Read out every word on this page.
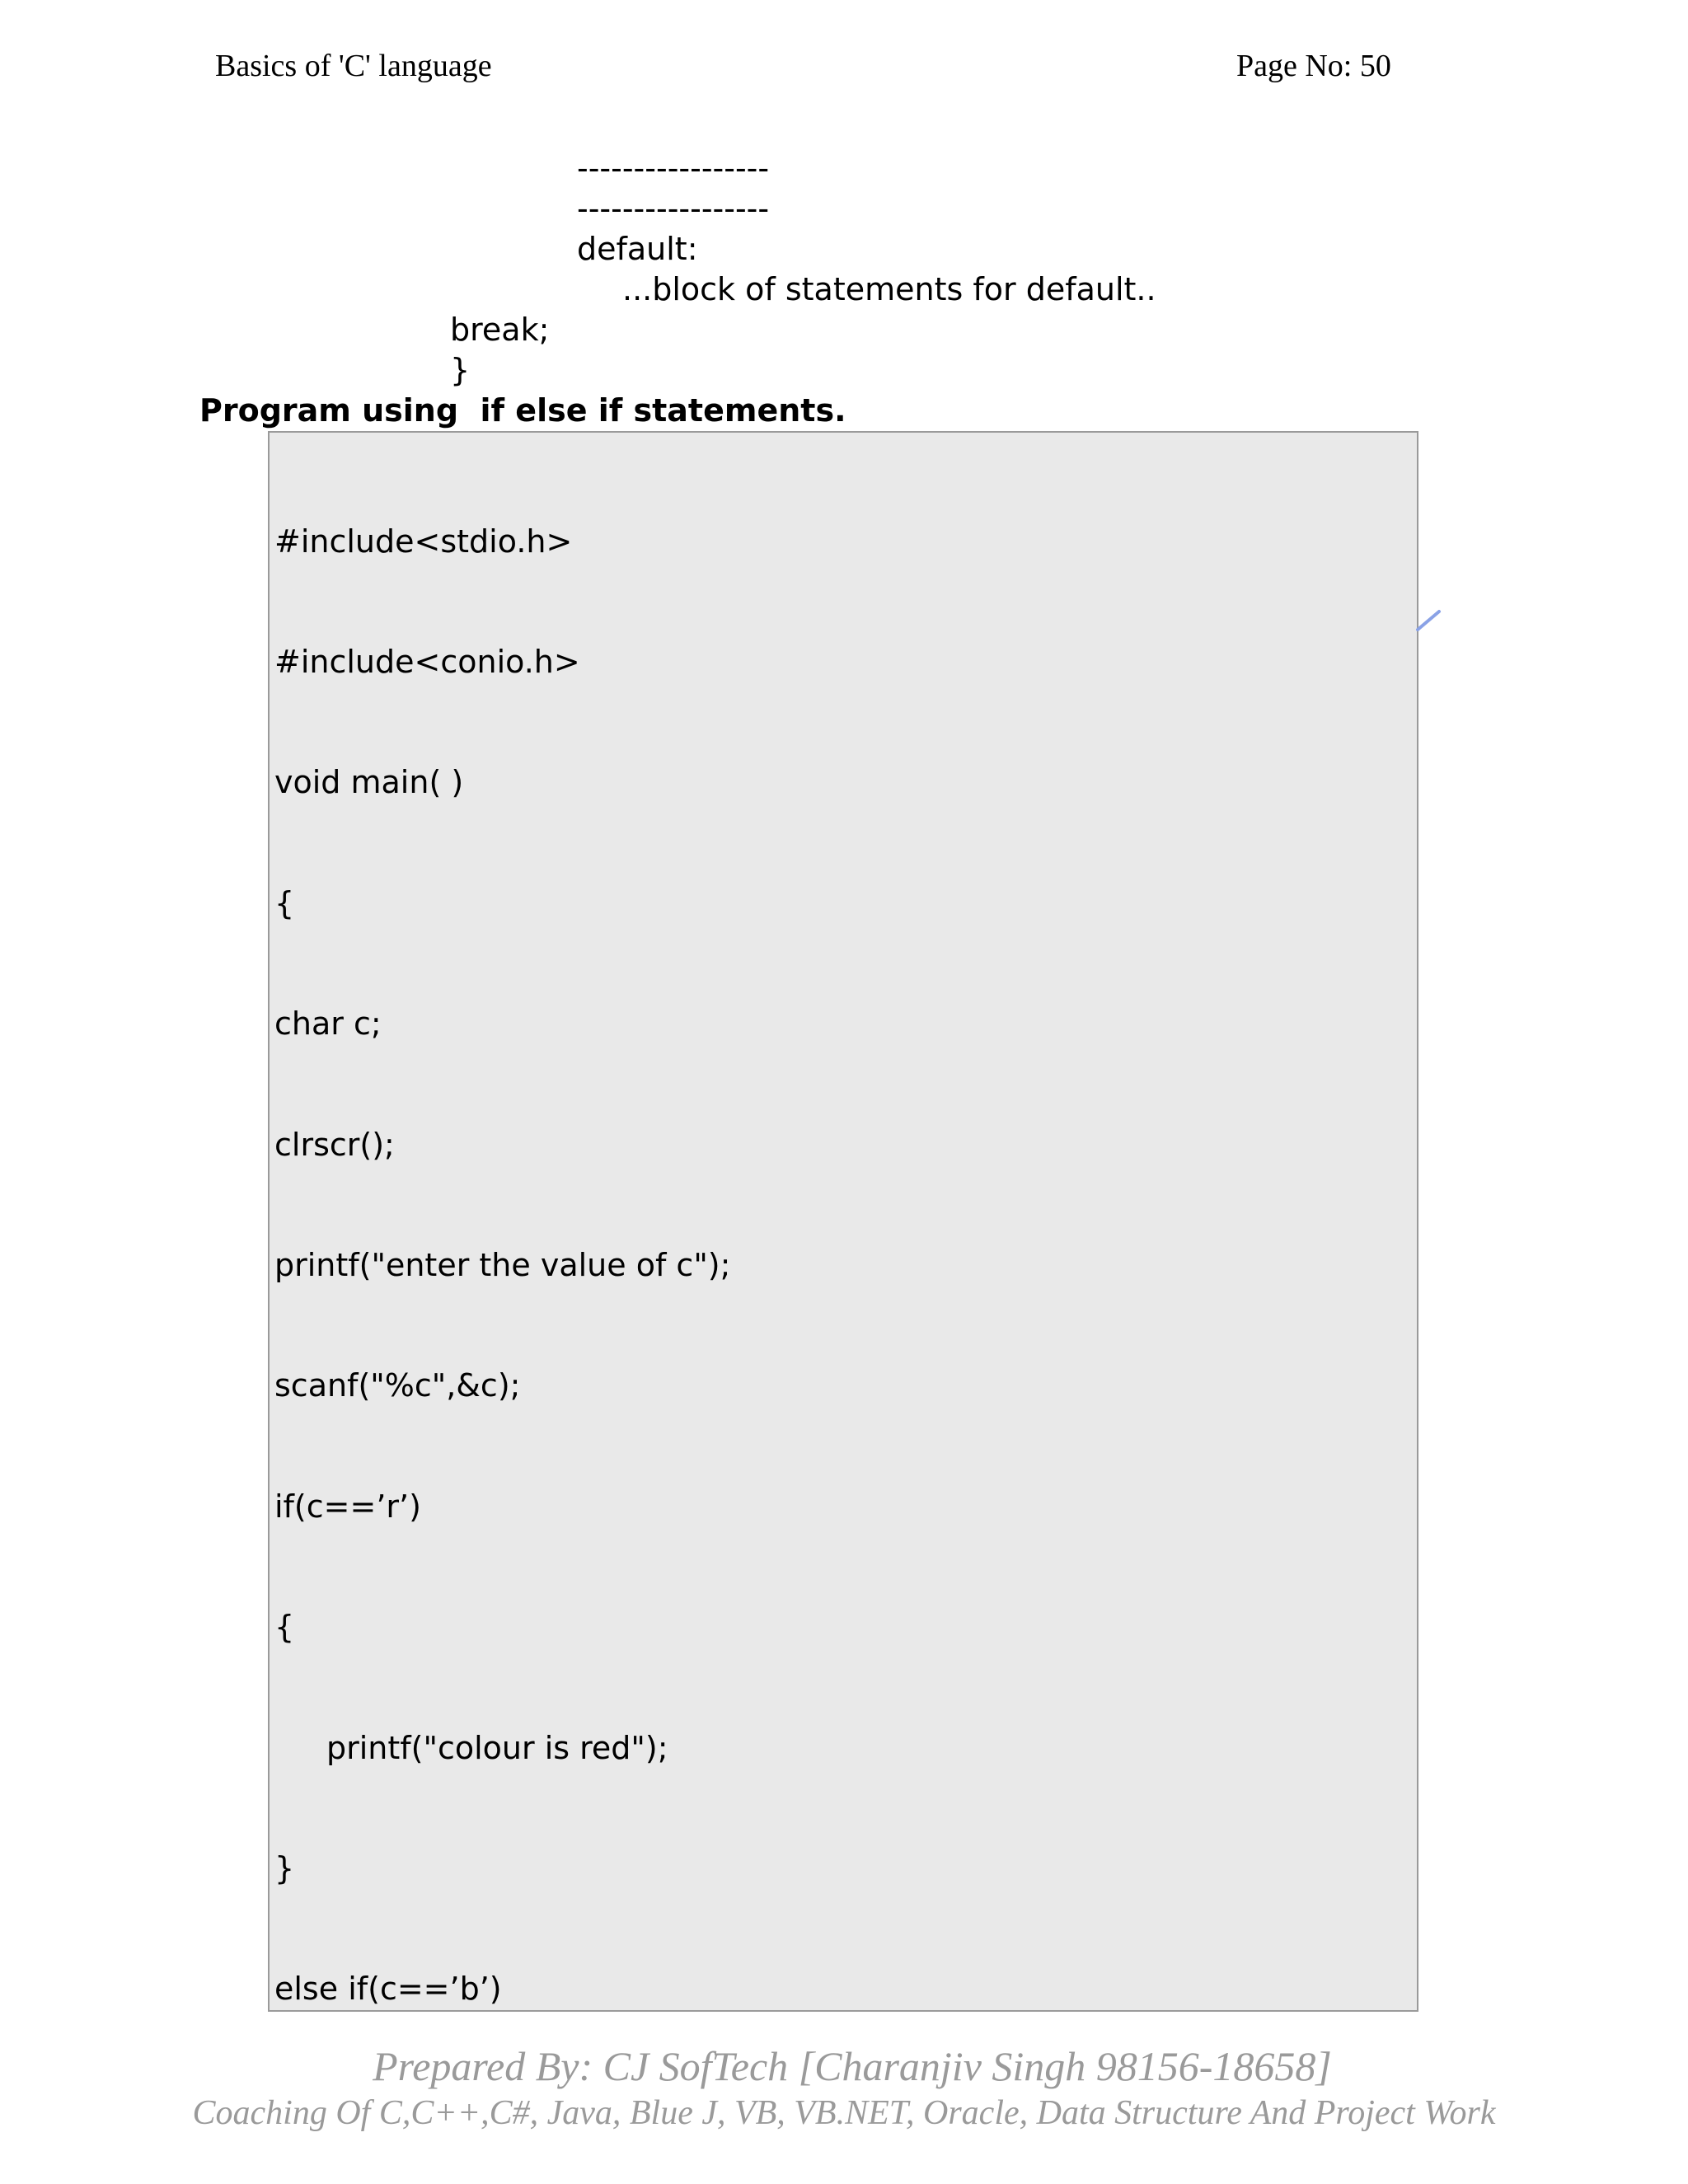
Basics of 'C' language	Page No: 50
-----------------
-----------------
default:
...block of statements for default..
break;
}
Program using  if else if statements.

#include<stdio.h>

#include<conio.h>

void main( )

{

char c;

clrscr();

printf("enter the value of c");

scanf("%c",&c);

if(c==’r’)

{

printf("colour is red");

}

else if(c==’b’)

Prepared By: CJ SofTech [Charanjiv Singh 98156-18658]
Coaching Of C,C++,C#, Java, Blue J, VB, VB.NET, Oracle, Data Structure And Project Work
